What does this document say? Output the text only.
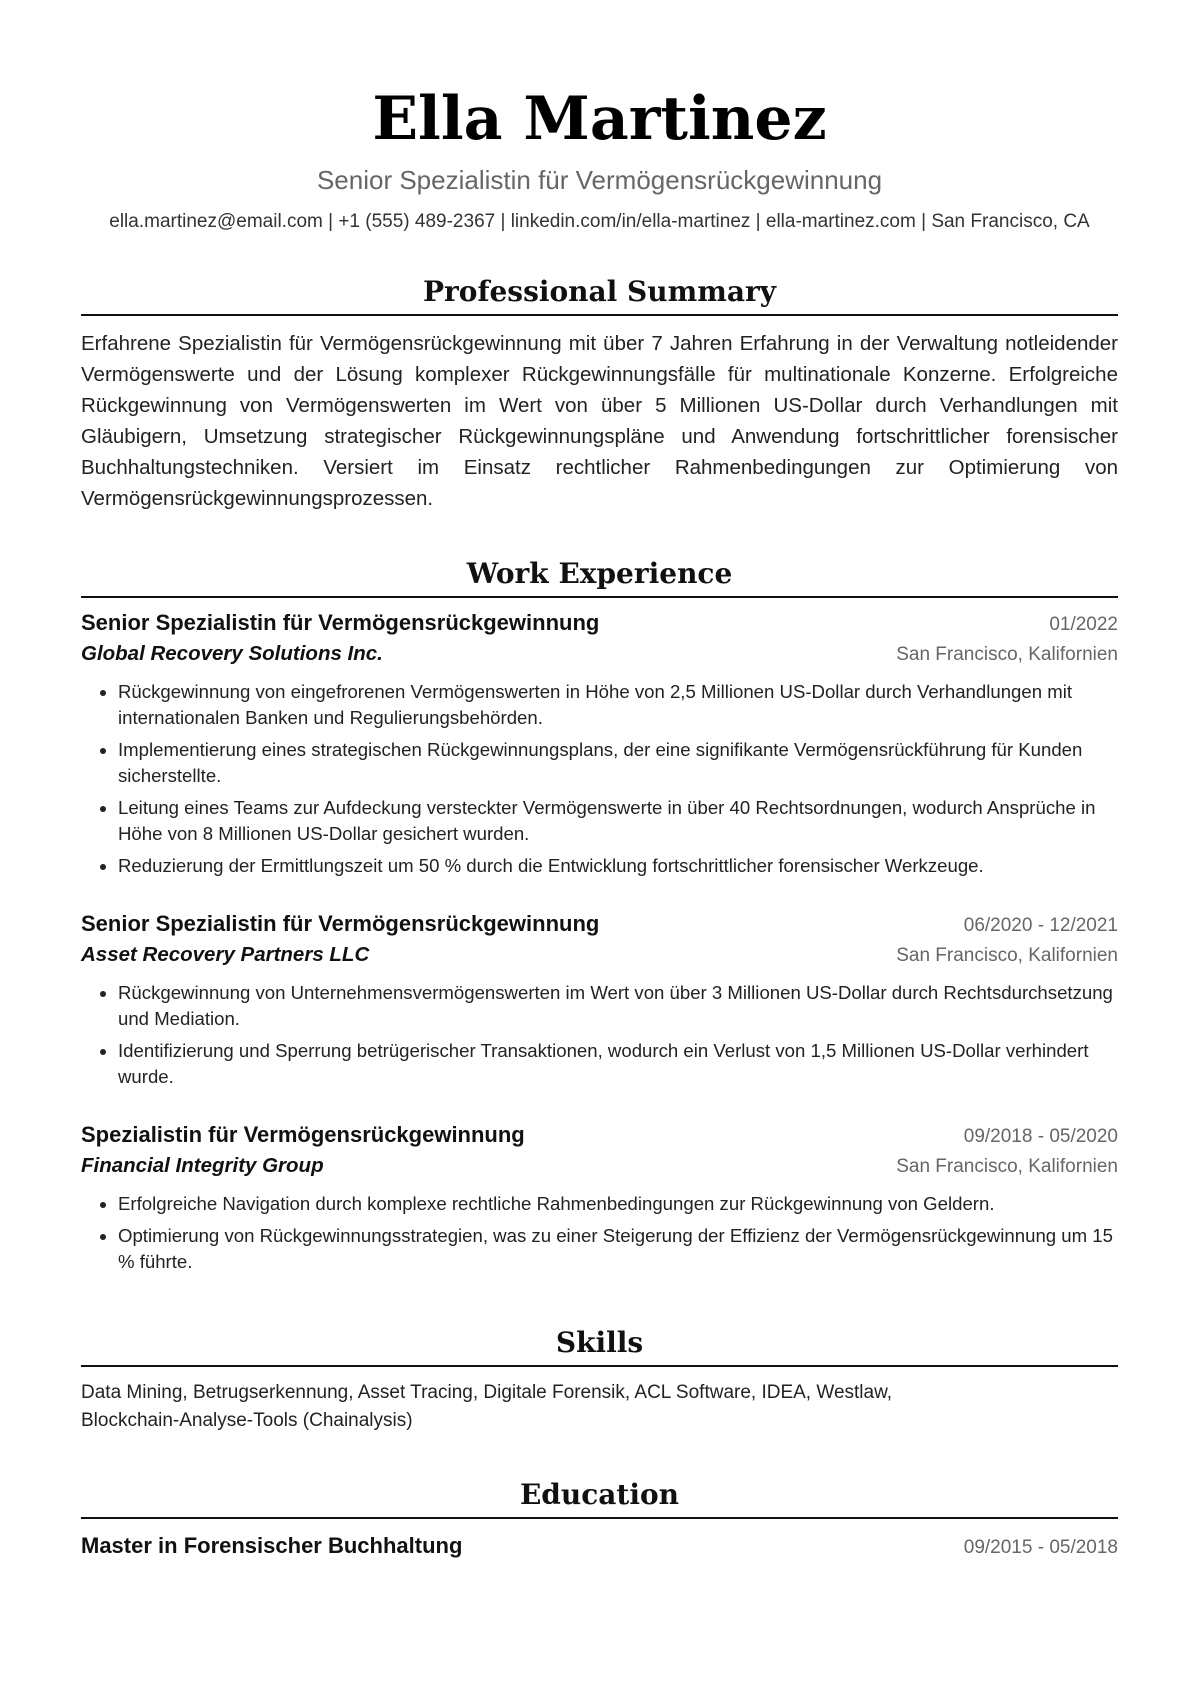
Ella Martinez
Senior Spezialistin für Vermögensrückgewinnung
ella.martinez@email.com | +1 (555) 489-2367 | linkedin.com/in/ella-martinez | ella-martinez.com | San Francisco, CA
Professional Summary
Erfahrene Spezialistin für Vermögensrückgewinnung mit über 7 Jahren Erfahrung in der Verwaltung notleidender Vermögenswerte und der Lösung komplexer Rückgewinnungsfälle für multinationale Konzerne. Erfolgreiche Rückgewinnung von Vermögenswerten im Wert von über 5 Millionen US-Dollar durch Verhandlungen mit Gläubigern, Umsetzung strategischer Rückgewinnungspläne und Anwendung fortschrittlicher forensischer Buchhaltungstechniken. Versiert im Einsatz rechtlicher Rahmenbedingungen zur Optimierung von Vermögensrückgewinnungsprozessen.
Work Experience
Senior Spezialistin für Vermögensrückgewinnung	01/2022
Global Recovery Solutions Inc.	San Francisco, Kalifornien
• Rückgewinnung von eingefrorenen Vermögenswerten in Höhe von 2,5 Millionen US-Dollar durch Verhandlungen mit internationalen Banken und Regulierungsbehörden.
• Implementierung eines strategischen Rückgewinnungsplans, der eine signifikante Vermögensrückführung für Kunden sicherstellte.
• Leitung eines Teams zur Aufdeckung versteckter Vermögenswerte in über 40 Rechtsordnungen, wodurch Ansprüche in Höhe von 8 Millionen US-Dollar gesichert wurden.
• Reduzierung der Ermittlungszeit um 50 % durch die Entwicklung fortschrittlicher forensischer Werkzeuge.
Senior Spezialistin für Vermögensrückgewinnung	06/2020 - 12/2021
Asset Recovery Partners LLC	San Francisco, Kalifornien
• Rückgewinnung von Unternehmensvermögenswerten im Wert von über 3 Millionen US-Dollar durch Rechtsdurchsetzung und Mediation.
• Identifizierung und Sperrung betrügerischer Transaktionen, wodurch ein Verlust von 1,5 Millionen US-Dollar verhindert wurde.
Spezialistin für Vermögensrückgewinnung	09/2018 - 05/2020
Financial Integrity Group	San Francisco, Kalifornien
• Erfolgreiche Navigation durch komplexe rechtliche Rahmenbedingungen zur Rückgewinnung von Geldern.
• Optimierung von Rückgewinnungsstrategien, was zu einer Steigerung der Effizienz der Vermögensrückgewinnung um 15 % führte.
Skills
Data Mining, Betrugserkennung, Asset Tracing, Digitale Forensik, ACL Software, IDEA, Westlaw, Blockchain-Analyse-Tools (Chainalysis)
Education
Master in Forensischer Buchhaltung	09/2015 - 05/2018
